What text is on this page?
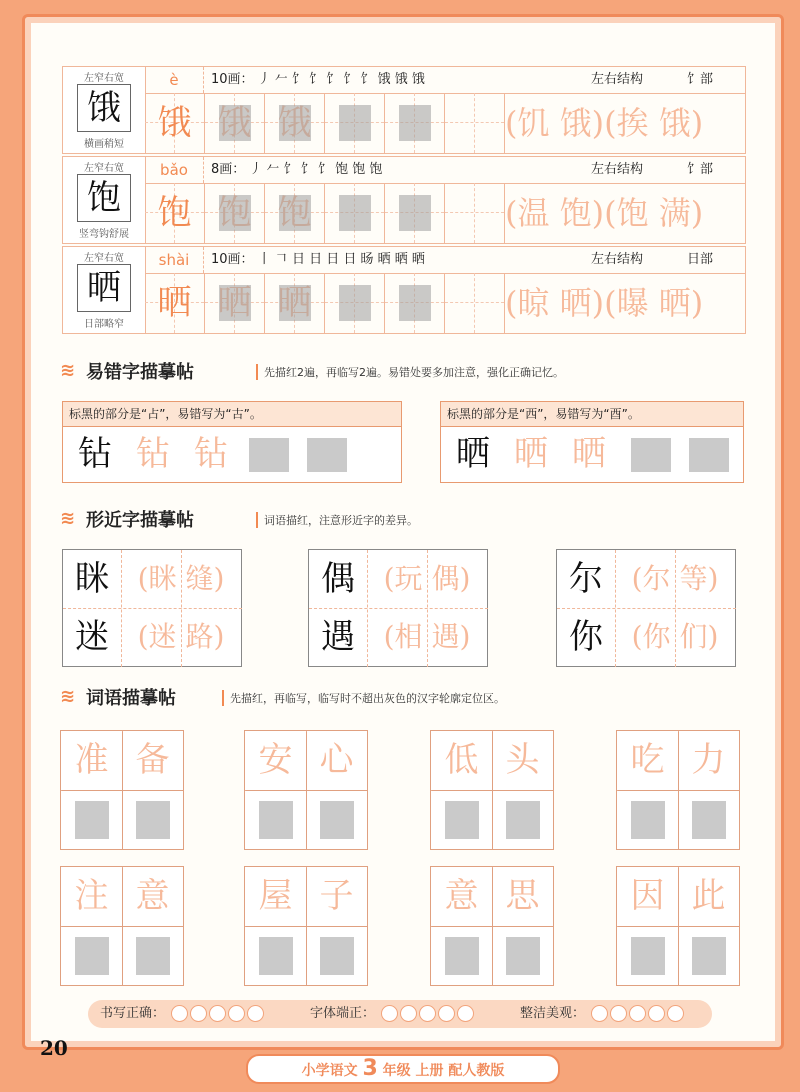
左窄右宽
饿
横画稍短
è	10画： 丿 𠂉 饣 饣 饣 饣 饣 饿 饿 饿	左右结构	饣部
饿	(饥 饿)(挨 饿)
左窄右宽
饱
竖弯钩舒展
bǎo	8画： 丿 𠂉 饣 饣 饣 饱 饱 饱	左右结构	饣部
饱	(温 饱)(饱 满)
左窄右宽
晒
日部略窄
shài	10画： 丨 𠃍 日 日 日 日 旸 晒 晒 晒	左右结构	日部
晒	(晾 晒)(曝 晒)
≋ 易错字描摹帖	先描红2遍，再临写2遍。易错处要多加注意，强化正确记忆。
标黑的部分是“占”，易错写为“古”。
钻 钻 钻
标黑的部分是“西”，易错写为“酉”。
晒 晒 晒
≋ 形近字描摹帖	词语描红，注意形近字的差异。
眯	(眯 缝)
迷	(迷 路)
偶	(玩 偶)
遇	(相 遇)
尔	(尔 等)
你	(你 们)
≋ 词语描摹帖	先描红，再临写，临写时不超出灰色的汉字轮廓定位区。
准 备	安 心	低 头	吃 力
注 意	屋 子	意 思	因 此
书写正确：	字体端正：	整洁美观：
20
小学语文 3 年级 上册 配人教版
